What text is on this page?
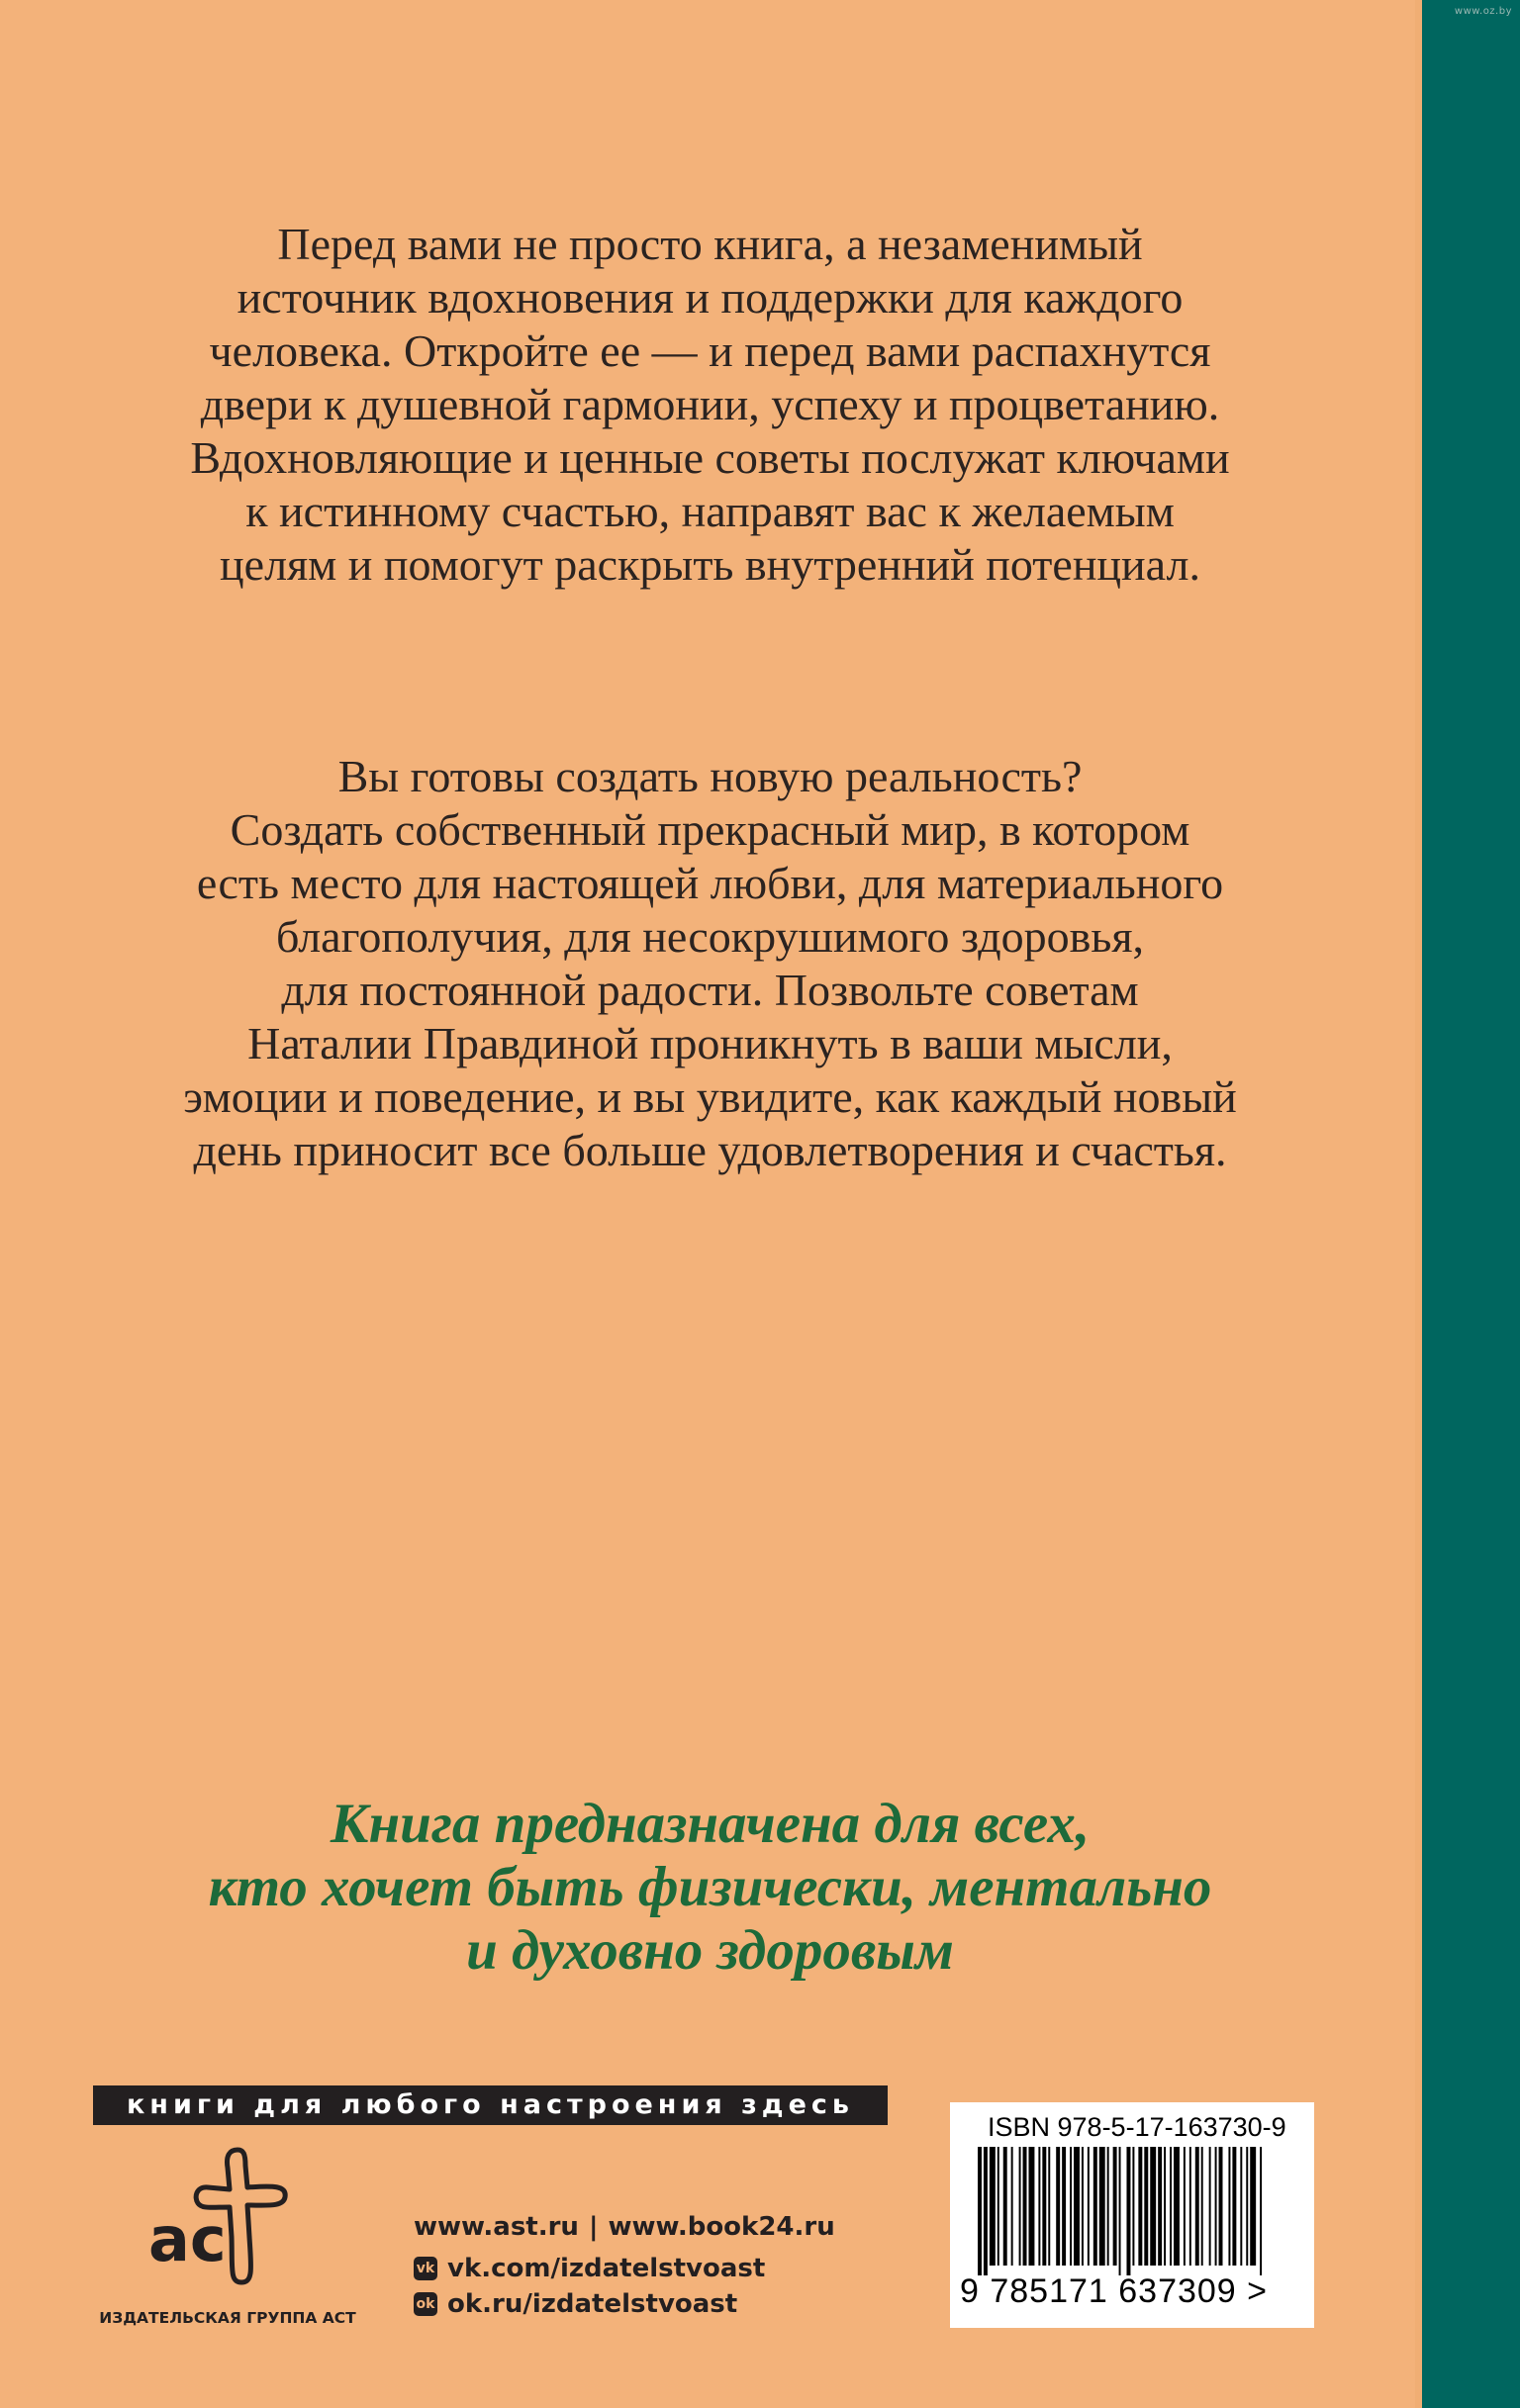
www.oz.by
Перед вами не просто книга, а незаменимый
источник вдохновения и поддержки для каждого
человека. Откройте ее — и перед вами распахнутся
двери к душевной гармонии, успеху и процветанию.
Вдохновляющие и ценные советы послужат ключами
к истинному счастью, направят вас к желаемым
целям и помогут раскрыть внутренний потенциал.
Вы готовы создать новую реальность?
Создать собственный прекрасный мир, в котором
есть место для настоящей любви, для материального
благополучия, для несокрушимого здоровья,
для постоянной радости. Позвольте советам
Наталии Правдиной проникнуть в ваши мысли,
эмоции и поведение, и вы увидите, как каждый новый
день приносит все больше удовлетворения и счастья.
Книга предназначена для всех,
кто хочет быть физически, ментально
и духовно здоровым
книги для любого настроения здесь
ас
ИЗДАТЕЛЬСКАЯ ГРУППА АСТ
www.ast.ru | www.book24.ru
vk vk.com/izdatelstvoast
ok ok.ru/izdatelstvoast
ISBN 978-5-17-163730-9
9 785171 637309 >
